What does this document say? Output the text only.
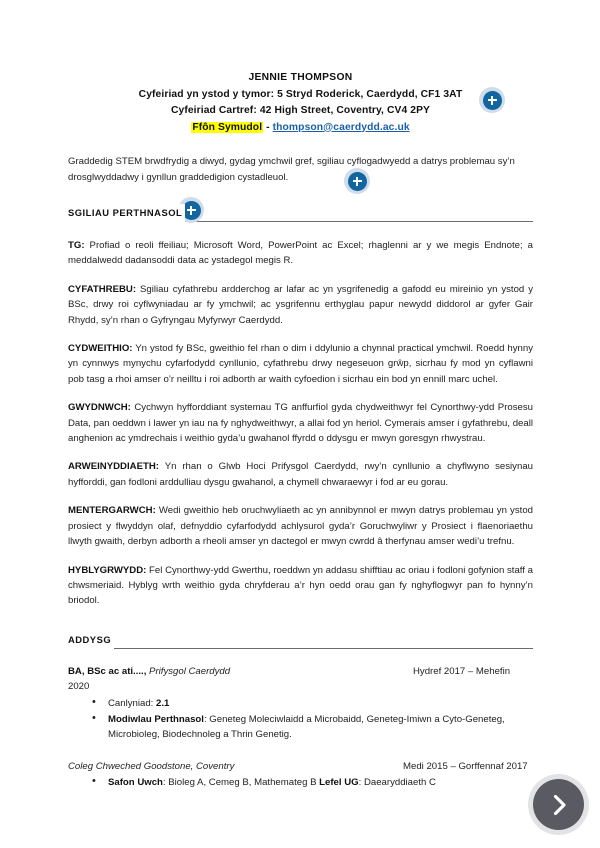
JENNIE THOMPSON
Cyfeiriad yn ystod y tymor: 5 Stryd Roderick, Caerdydd, CF1 3AT
Cyfeiriad Cartref: 42 High Street, Coventry, CV4 2PY
Ffôn Symudol - thompson@caerdydd.ac.uk
Graddedig STEM brwdfrydig a diwyd, gydag ymchwil gref, sgiliau cyflogadwyedd a datrys problemau sy’n drosglwyddadwy i gynllun graddedigion cystadleuol.
SGILIAU PERTHNASOL
TG: Profiad o reoli ffeiliau; Microsoft Word, PowerPoint ac Excel; rhaglenni ar y we megis Endnote; a meddalwedd dadansoddi data ac ystadegol megis R.
CYFATHREBU: Sgiliau cyfathrebu ardderchog ar lafar ac yn ysgrifenedig a gafodd eu mireinio yn ystod y BSc, drwy roi cyflwyniadau ar fy ymchwil; ac ysgrifennu erthyglau papur newydd diddorol ar gyfer Gair Rhydd, sy’n rhan o Gyfryngau Myfyrwyr Caerdydd.
CYDWEITHIO: Yn ystod fy BSc, gweithio fel rhan o dim i ddylunio a chynnal practical ymchwil. Roedd hynny yn cynnwys mynychu cyfarfodydd cynllunio, cyfathrebu drwy negeseuon grŵp, sicrhau fy mod yn cyflawni pob tasg a rhoi amser o’r neilltu i roi adborth ar waith cyfoedion i sicrhau ein bod yn ennill marc uchel.
GWYDNWCH: Cychwyn hyfforddiant systemau TG anffurfiol gyda chydweithwyr fel Cynorthwy-ydd Prosesu Data, pan oeddwn i lawer yn iau na fy nghydweithwyr, a allai fod yn heriol. Cymerais amser i gyfathrebu, deall anghenion ac ymdrechais i weithio gyda’u gwahanol ffyrdd o ddysgu er mwyn goresgyn rhwystrau.
ARWEINYDDIAETH: Yn rhan o Glwb Hoci Prifysgol Caerdydd, rwy’n cynllunio a chyflwyno sesiynau hyfforddi, gan fodloni arddulliau dysgu gwahanol, a chymell chwaraewyr i fod ar eu gorau.
MENTERGARWCH: Wedi gweithio heb oruchwyliaeth ac yn annibynnol er mwyn datrys problemau yn ystod prosiect y flwyddyn olaf, defnyddio cyfarfodydd achlysurol gyda’r Goruchwyliwr y Prosiect i flaenoriaethu llwyth gwaith, derbyn adborth a rheoli amser yn dactegol er mwyn cwrdd â therfynau amser wedi’u trefnu.
HYBLYGRWYDD: Fel Cynorthwy-ydd Gwerthu, roeddwn yn addasu shifftiau ac oriau i fodloni gofynion staff a chwsmeriaid. Hyblyg wrth weithio gyda chryfderau a’r hyn oedd orau gan fy nghyflogwyr pan fo hynny’n briodol.
ADDYSG
BA, BSc ac ati...., Prifysgol Caerdydd	Hydref 2017 – Mehefin
2020
• Canlyniad: 2.1
• Modiwlau Perthnasol: Geneteg Moleciwlaidd a Microbaidd, Geneteg-Imiwn a Cyto-Geneteg, Microbioleg, Biodechnoleg a Thrin Genetig.
Coleg Chweched Goodstone, Coventry	Medi 2015 – Gorffennaf 2017
• Safon Uwch: Bioleg A, Cemeg B, Mathemateg B Lefel UG: Daearyddiaeth C
